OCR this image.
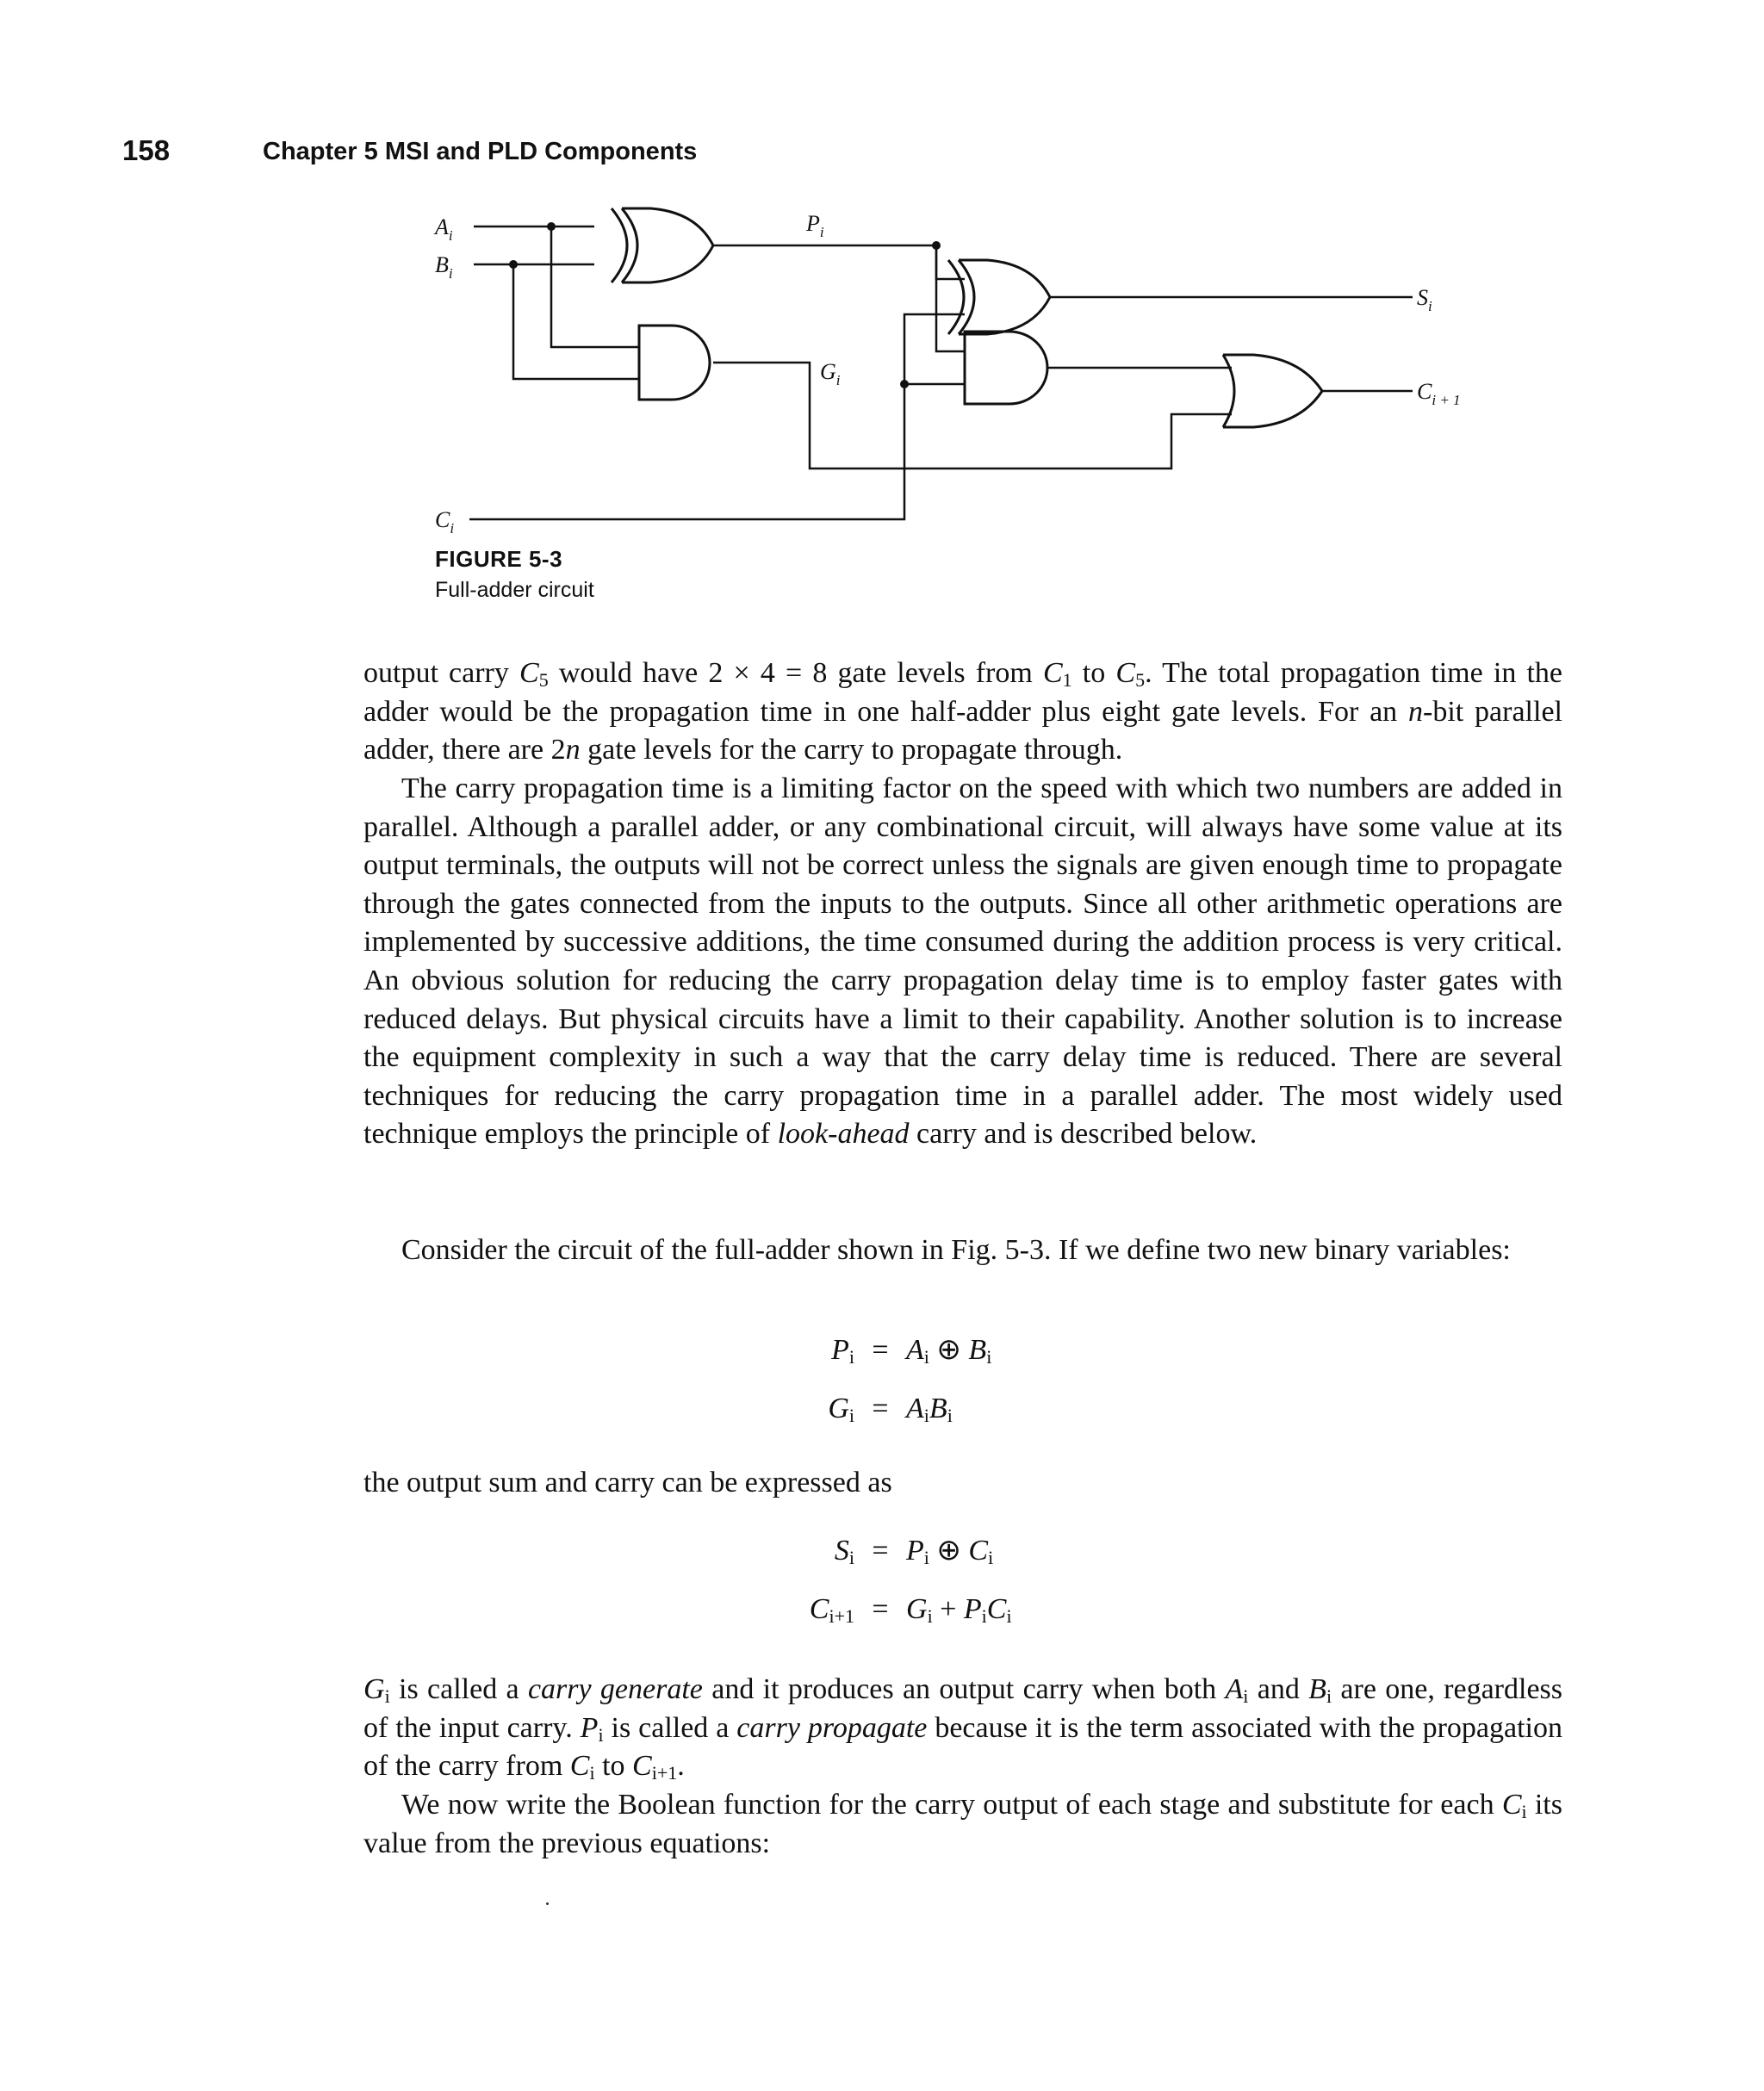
158	Chapter 5 MSI and PLD Components
$A_i$
$B_i$
$C_i$
$P_i$
$G_i$
$S_i$
$C_{i + 1}$
FIGURE 5-3
Full-adder circuit

output carry $C_5$ would have 2 × 4 = 8 gate levels from $C_1$ to $C_5$. The total propagation time in the adder would be the propagation time in one half-adder plus eight gate levels. For an n-bit parallel adder, there are 2n gate levels for the carry to propagate through.

The carry propagation time is a limiting factor on the speed with which two numbers are added in parallel. Although a parallel adder, or any combinational circuit, will always have some value at its output terminals, the outputs will not be correct unless the signals are given enough time to propagate through the gates connected from the inputs to the outputs. Since all other arithmetic operations are implemented by successive additions, the time consumed during the addition process is very critical. An obvious solution for reducing the carry propagation delay time is to employ faster gates with reduced delays. But physical circuits have a limit to their capability. Another solution is to increase the equipment complexity in such a way that the carry delay time is reduced. There are several techniques for reducing the carry propagation time in a parallel adder. The most widely used technique employs the principle of look-ahead carry and is described below.

Consider the circuit of the full-adder shown in Fig. 5-3. If we define two new binary variables:

$P_i = A_i$ ⊕ $B_i$
$G_i = A_iB_i$

the output sum and carry can be expressed as

$S_i = P_i$ ⊕ $C_i$
$C_{i+1} = G_i + P_iC_i$

$G_i$ is called a carry generate and it produces an output carry when both $A_i$ and $B_i$ are one, regardless of the input carry. $P_i$ is called a carry propagate because it is the term associated with the propagation of the carry from $C_i$ to $C_{i+1}$.

We now write the Boolean function for the carry output of each stage and substitute for each $C_i$ its value from the previous equations:
